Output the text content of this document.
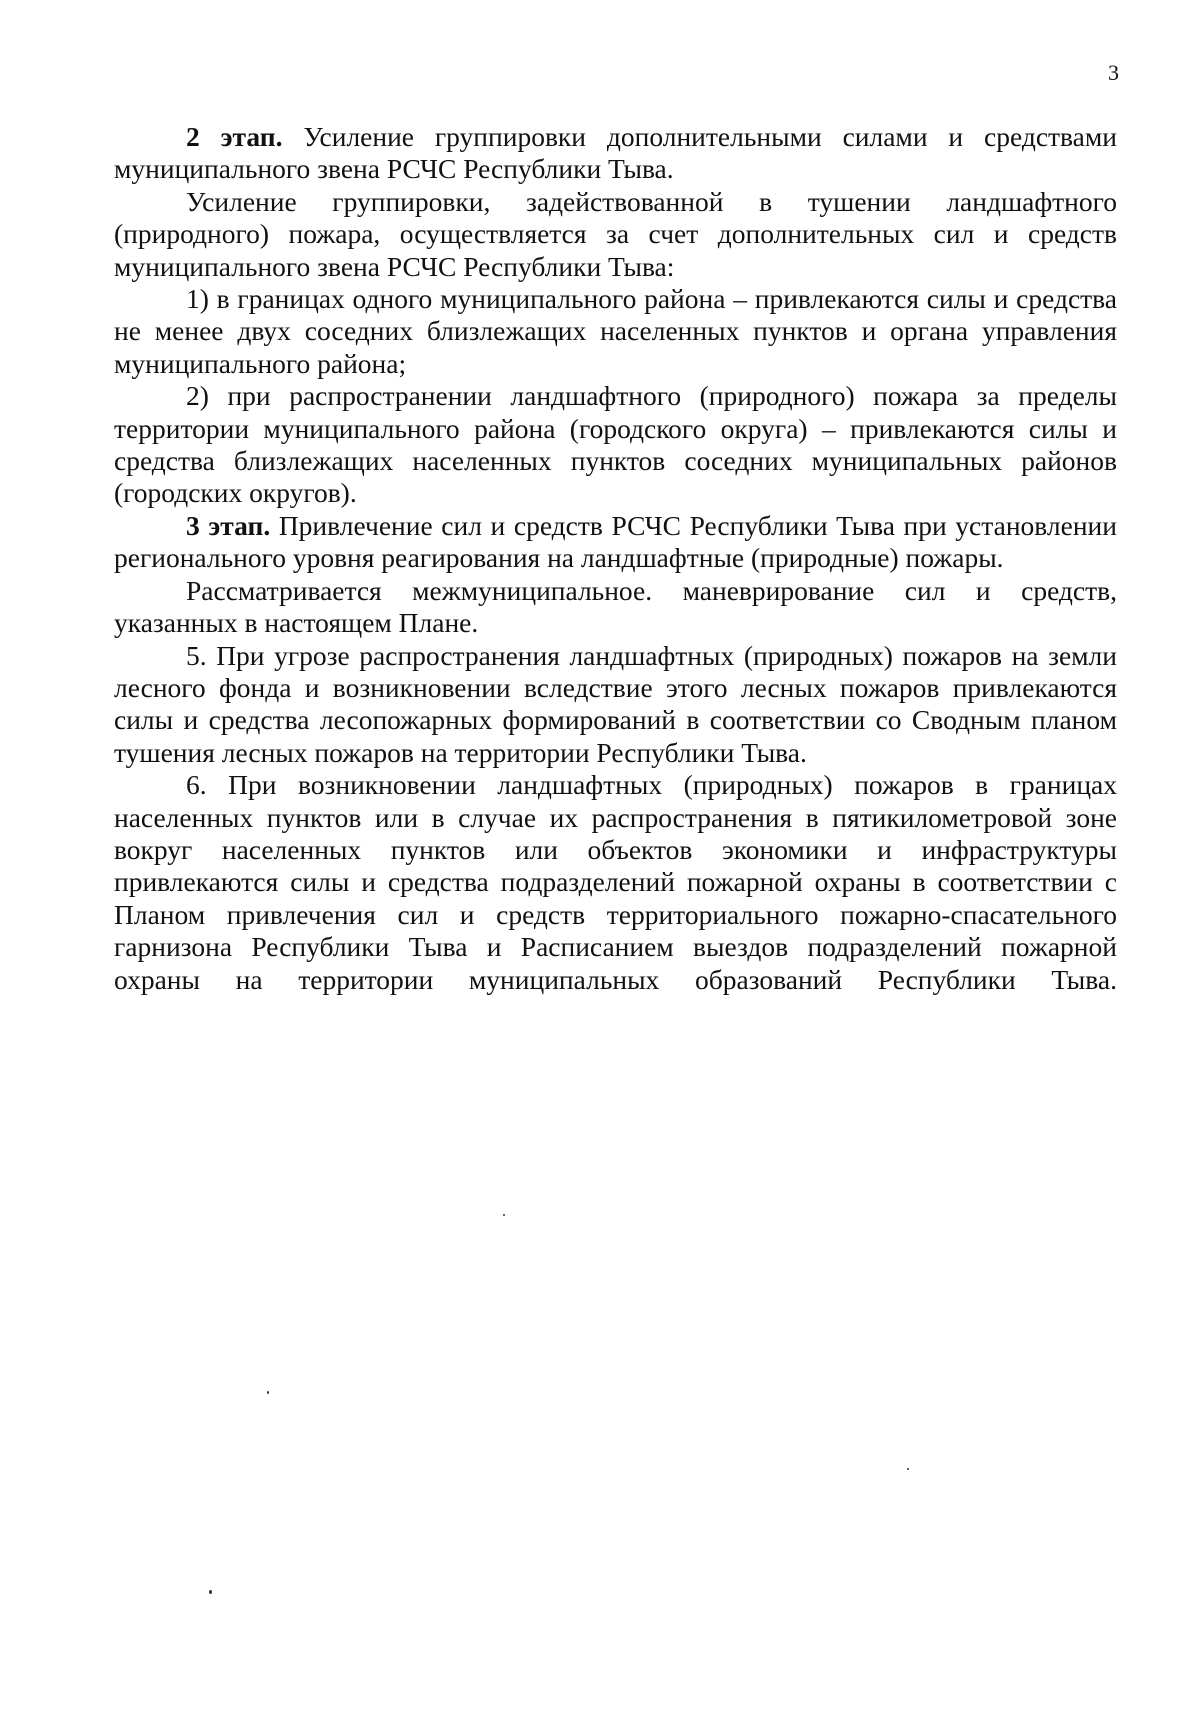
3

2 этап. Усиление группировки дополнительными силами и средствами муниципального звена РСЧС Республики Тыва.

Усиление группировки, задействованной в тушении ландшафтного (природного) пожара, осуществляется за счет дополнительных сил и средств муниципального звена РСЧС Республики Тыва:

1) в границах одного муниципального района – привлекаются силы и средства не менее двух соседних близлежащих населенных пунктов и органа управления муниципального района;

2) при распространении ландшафтного (природного) пожара за пределы территории муниципального района (городского округа) – привлекаются силы и средства близлежащих населенных пунктов соседних муниципальных районов (городских округов).

3 этап. Привлечение сил и средств РСЧС Республики Тыва при установлении регионального уровня реагирования на ландшафтные (природные) пожары.

Рассматривается межмуниципальное. маневрирование сил и средств, указанных в настоящем Плане.

5. При угрозе распространения ландшафтных (природных) пожаров на земли лесного фонда и возникновении вследствие этого лесных пожаров привлекаются силы и средства лесопожарных формирований в соответствии со Сводным планом тушения лесных пожаров на территории Республики Тыва.

6. При возникновении ландшафтных (природных) пожаров в границах населенных пунктов или в случае их распространения в пятикилометровой зоне вокруг населенных пунктов или объектов экономики и инфраструктуры привлекаются силы и средства подразделений пожарной охраны в соответствии с Планом привлечения сил и средств территориального пожарно-спасательного гарнизона Республики Тыва и Расписанием выездов подразделений пожарной охраны на территории муниципальных образований Республики Тыва.
